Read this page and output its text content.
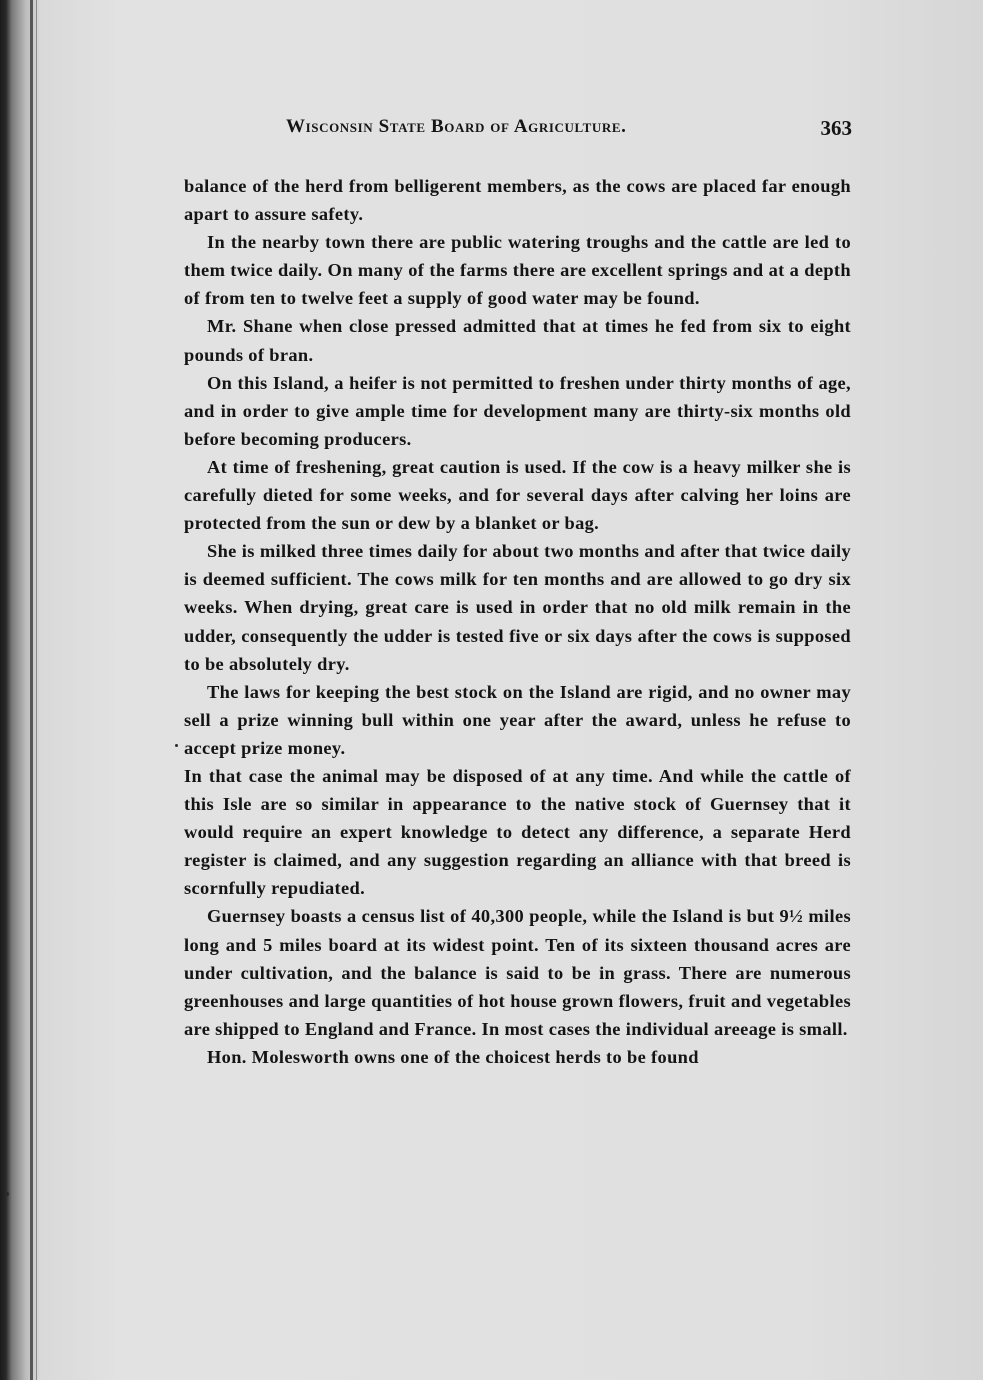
Wisconsin State Board of Agriculture.	363

balance of the herd from belligerent members, as the cows are placed far enough apart to assure safety.

In the nearby town there are public watering troughs and the cattle are led to them twice daily. On many of the farms there are excellent springs and at a depth of from ten to twelve feet a supply of good water may be found.

Mr. Shane when close pressed admitted that at times he fed from six to eight pounds of bran.

On this Island, a heifer is not permitted to freshen under thirty months of age, and in order to give ample time for development many are thirty-six months old before becoming producers.

At time of freshening, great caution is used. If the cow is a heavy milker she is carefully dieted for some weeks, and for several days after calving her loins are protected from the sun or dew by a blanket or bag.

She is milked three times daily for about two months and after that twice daily is deemed sufficient. The cows milk for ten months and are allowed to go dry six weeks. When drying, great care is used in order that no old milk remain in the udder, consequently the udder is tested five or six days after the cows is supposed to be absolutely dry.

The laws for keeping the best stock on the Island are rigid, and no owner may sell a prize winning bull within one year after the award, unless he refuse to accept prize money.

In that case the animal may be disposed of at any time. And while the cattle of this Isle are so similar in appearance to the native stock of Guernsey that it would require an expert knowledge to detect any difference, a separate Herd register is claimed, and any suggestion regarding an alliance with that breed is scornfully repudiated.

Guernsey boasts a census list of 40,300 people, while the Island is but 9½ miles long and 5 miles board at its widest point. Ten of its sixteen thousand acres are under cultivation, and the balance is said to be in grass. There are numerous greenhouses and large quantities of hot house grown flowers, fruit and vegetables are shipped to England and France. In most cases the individual areeage is small.

Hon. Molesworth owns one of the choicest herds to be found
